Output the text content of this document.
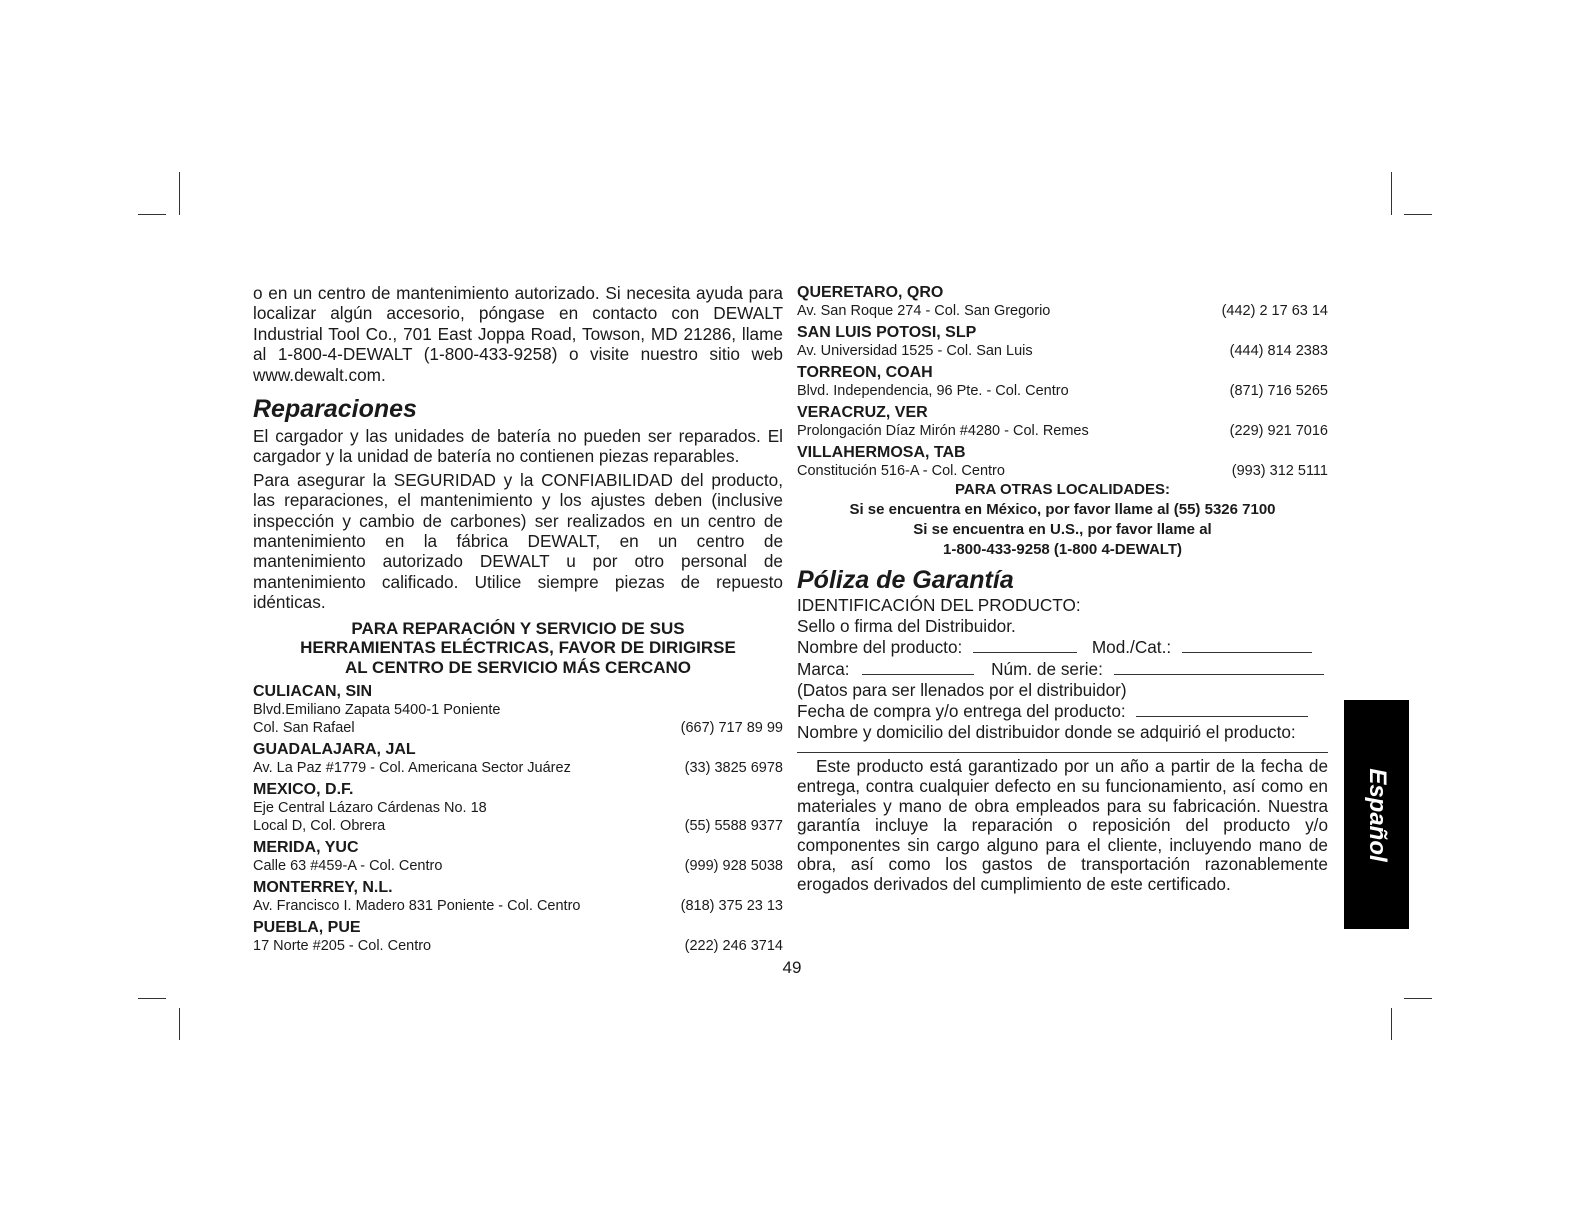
o en un centro de mantenimiento autorizado. Si necesita ayuda para localizar algún accesorio, póngase en contacto con DEWALT Industrial Tool Co., 701 East Joppa Road, Towson, MD 21286, llame al 1-800-4-DEWALT (1-800-433-9258) o visite nuestro sitio web www.dewalt.com.

Reparaciones

El cargador y las unidades de batería no pueden ser reparados. El cargador y la unidad de batería no contienen piezas reparables.

Para asegurar la SEGURIDAD y la CONFIABILIDAD del producto, las reparaciones, el mantenimiento y los ajustes deben (inclusive inspección y cambio de carbones) ser realizados en un centro de mantenimiento en la fábrica DEWALT, en un centro de mantenimiento autorizado DEWALT u por otro personal de mantenimiento calificado. Utilice siempre piezas de repuesto idénticas.

PARA REPARACIÓN Y SERVICIO DE SUS
HERRAMIENTAS ELÉCTRICAS, FAVOR DE DIRIGIRSE
AL CENTRO DE SERVICIO MÁS CERCANO
CULIACAN, SIN
Blvd.Emiliano Zapata 5400-1 Poniente
Col. San Rafael	(667) 717 89 99
GUADALAJARA, JAL
Av. La Paz #1779 - Col. Americana Sector Juárez	(33) 3825 6978
MEXICO, D.F.
Eje Central Lázaro Cárdenas No. 18
Local D, Col. Obrera	(55) 5588 9377
MERIDA, YUC
Calle 63 #459-A - Col. Centro	(999) 928 5038
MONTERREY, N.L.
Av. Francisco I. Madero 831 Poniente - Col. Centro	(818) 375 23 13
PUEBLA, PUE
17 Norte #205 - Col. Centro	(222) 246 3714
QUERETARO, QRO
Av. San Roque 274 - Col. San Gregorio	(442) 2 17 63 14
SAN LUIS POTOSI, SLP
Av. Universidad 1525 - Col. San Luis	(444) 814 2383
TORREON, COAH
Blvd. Independencia, 96 Pte. - Col. Centro	(871) 716 5265
VERACRUZ, VER
Prolongación Díaz Mirón #4280 - Col. Remes	(229) 921 7016
VILLAHERMOSA, TAB
Constitución 516-A - Col. Centro	(993) 312 5111
PARA OTRAS LOCALIDADES:
Si se encuentra en México, por favor llame al (55) 5326 7100
Si se encuentra en U.S., por favor llame al
1-800-433-9258 (1-800 4-DEWALT)
Póliza de Garantía
IDENTIFICACIÓN DEL PRODUCTO:
Sello o firma del Distribuidor.
Nombre del producto:	Mod./Cat.:
Marca:	Núm. de serie:
(Datos para ser llenados por el distribuidor)
Fecha de compra y/o entrega del producto:
Nombre y domicilio del distribuidor donde se adquirió el producto:

Este producto está garantizado por un año a partir de la fecha de entrega, contra cualquier defecto en su funcionamiento, así como en materiales y mano de obra empleados para su fabricación. Nuestra garantía incluye la reparación o reposición del producto y/o componentes sin cargo alguno para el cliente, incluyendo mano de obra, así como los gastos de transportación razonablemente erogados derivados del cumplimiento de este certificado.

Español
49
